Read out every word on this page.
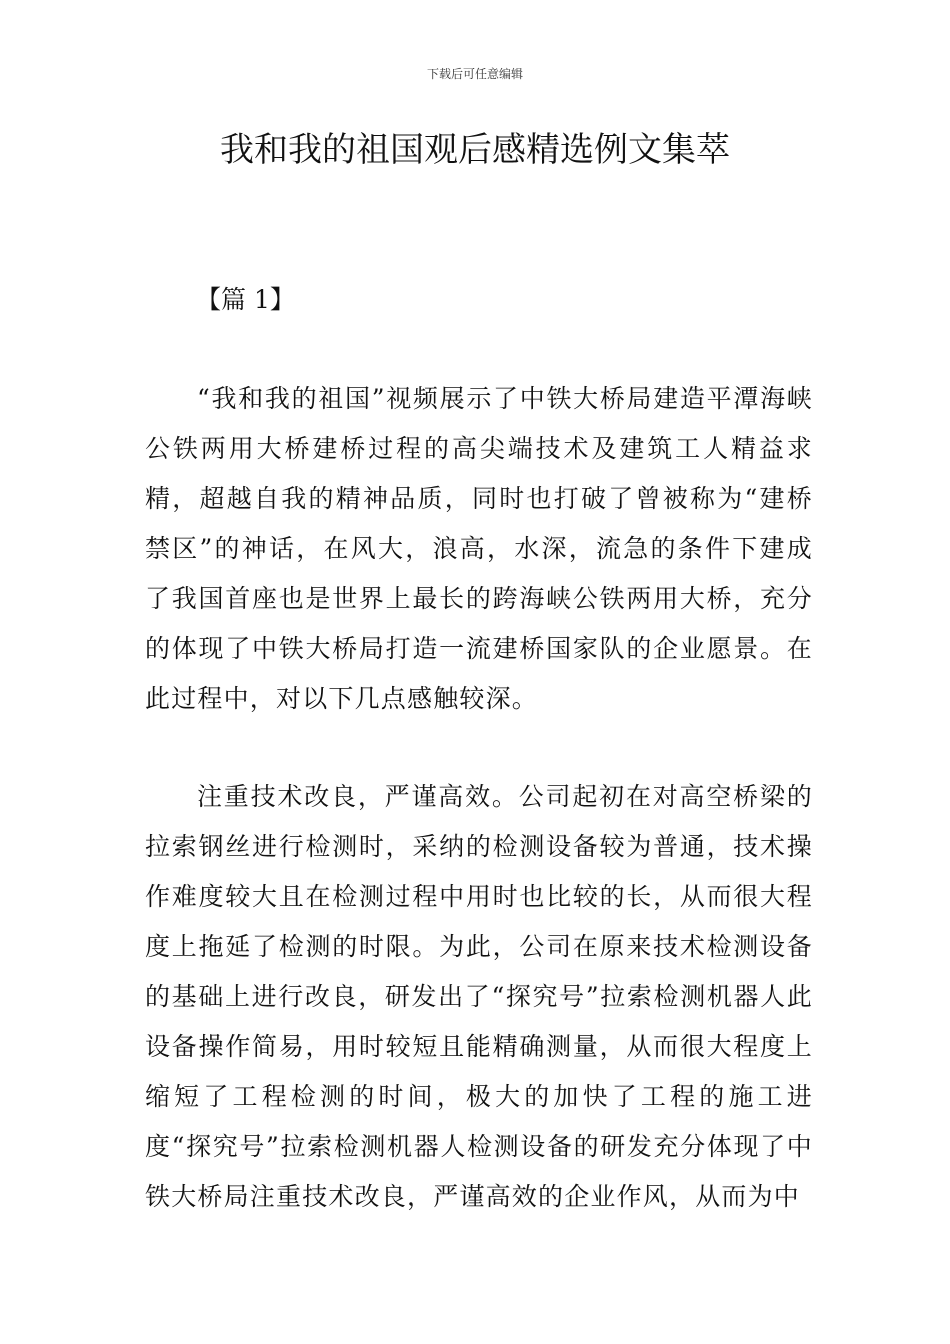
下载后可任意编辑
我和我的祖国观后感精选例文集萃

【篇 1】

“我和我的祖国”视频展示了中铁大桥局建造平潭海峡公铁两用大桥建桥过程的高尖端技术及建筑工人精益求精，超越自我的精神品质，同时也打破了曾被称为“建桥禁区”的神话，在风大，浪高，水深，流急的条件下建成了我国首座也是世界上最长的跨海峡公铁两用大桥，充分的体现了中铁大桥局打造一流建桥国家队的企业愿景。在此过程中，对以下几点感触较深。

注重技术改良，严谨高效。公司起初在对高空桥梁的拉索钢丝进行检测时，采纳的检测设备较为普通，技术操作难度较大且在检测过程中用时也比较的长，从而很大程度上拖延了检测的时限。为此，公司在原来技术检测设备的基础上进行改良，研发出了“探究号”拉索检测机器人此设备操作简易，用时较短且能精确测量，从而很大程度上缩短了工程检测的时间，极大的加快了工程的施工进度“探究号”拉索检测机器人检测设备的研发充分体现了中铁大桥局注重技术改良，严谨高效的企业作风，从而为中
